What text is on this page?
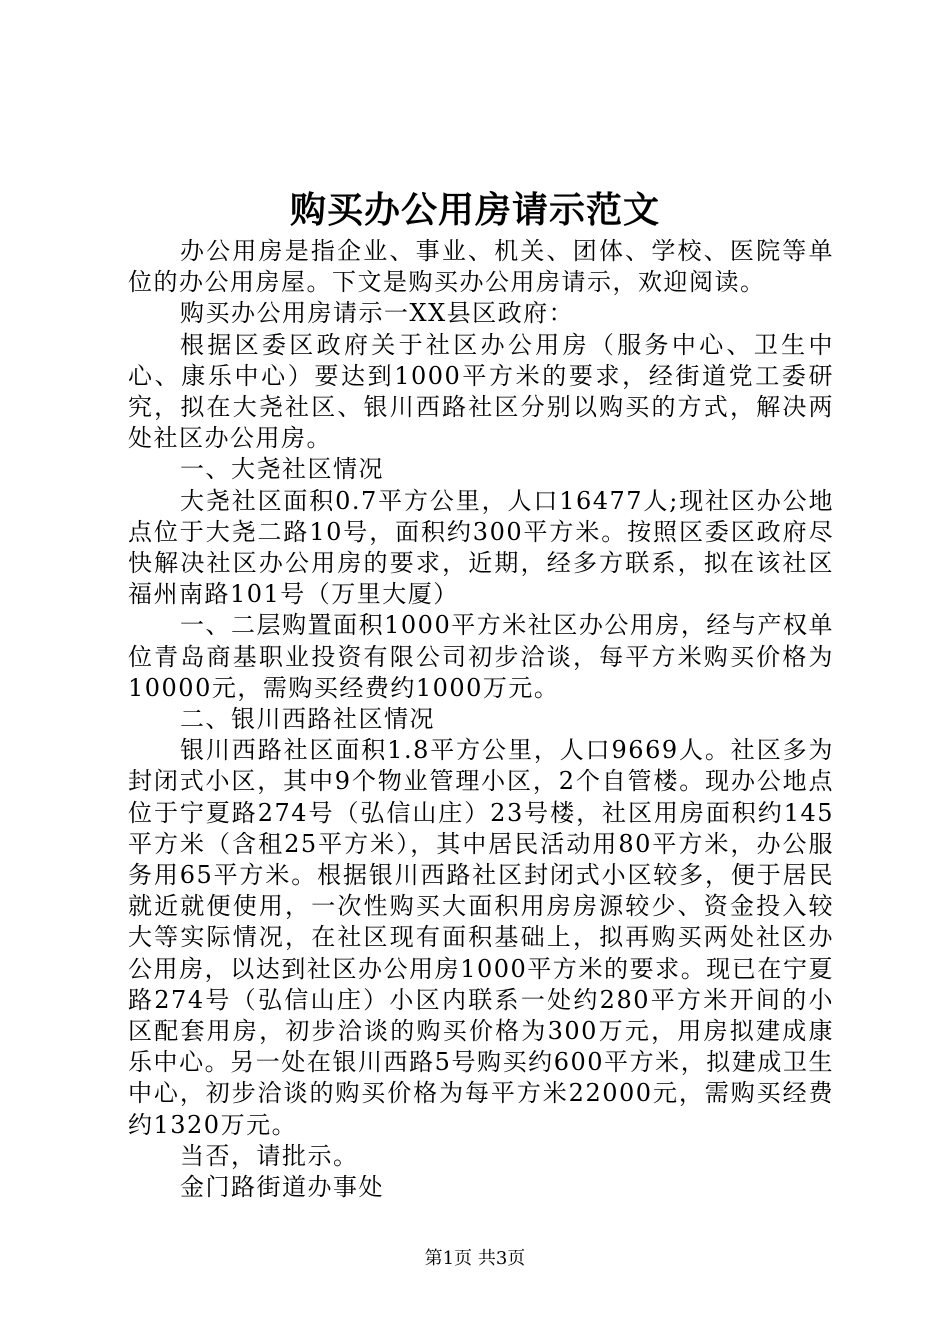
购买办公用房请示范文

办公用房是指企业、事业、机关、团体、学校、医院等单位的办公用房屋。下文是购买办公用房请示，欢迎阅读。

购买办公用房请示一XX县区政府：

根据区委区政府关于社区办公用房（服务中心、卫生中心、康乐中心）要达到1000平方米的要求，经街道党工委研究，拟在大尧社区、银川西路社区分别以购买的方式，解决两处社区办公用房。

一、大尧社区情况

大尧社区面积0.7平方公里，人口16477人;现社区办公地点位于大尧二路10号，面积约300平方米。按照区委区政府尽快解决社区办公用房的要求，近期，经多方联系，拟在该社区福州南路101号（万里大厦）

一、二层购置面积1000平方米社区办公用房，经与产权单位青岛商基职业投资有限公司初步洽谈，每平方米购买价格为10000元，需购买经费约1000万元。

二、银川西路社区情况

银川西路社区面积1.8平方公里，人口9669人。社区多为封闭式小区，其中9个物业管理小区，2个自管楼。现办公地点位于宁夏路274号（弘信山庄）23号楼，社区用房面积约145平方米（含租25平方米），其中居民活动用80平方米，办公服务用65平方米。根据银川西路社区封闭式小区较多，便于居民就近就便使用，一次性购买大面积用房房源较少、资金投入较大等实际情况，在社区现有面积基础上，拟再购买两处社区办公用房，以达到社区办公用房1000平方米的要求。现已在宁夏路274号（弘信山庄）小区内联系一处约280平方米开间的小区配套用房，初步洽谈的购买价格为300万元，用房拟建成康乐中心。另一处在银川西路5号购买约600平方米，拟建成卫生中心，初步洽谈的购买价格为每平方米22000元，需购买经费约1320万元。

当否，请批示。

金门路街道办事处

第1页 共3页
